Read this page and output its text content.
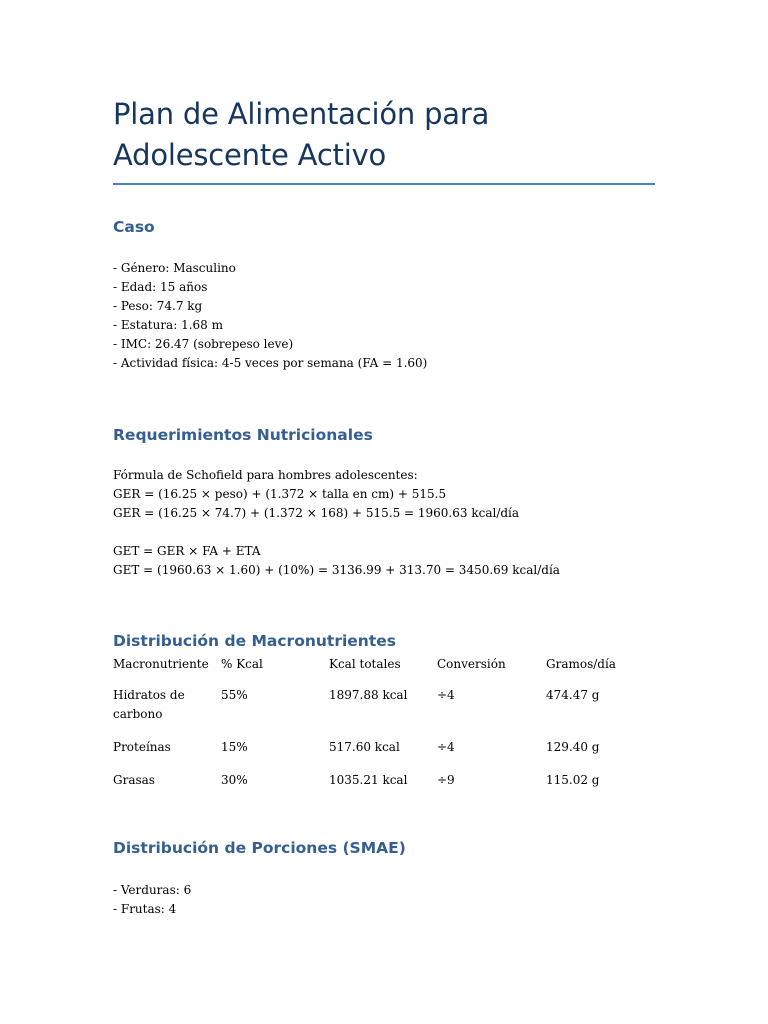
Plan de Alimentación para Adolescente Activo
Caso
- Género: Masculino
- Edad: 15 años
- Peso: 74.7 kg
- Estatura: 1.68 m
- IMC: 26.47 (sobrepeso leve)
- Actividad física: 4-5 veces por semana (FA = 1.60)
Requerimientos Nutricionales
Fórmula de Schofield para hombres adolescentes:
GER = (16.25 × peso) + (1.372 × talla en cm) + 515.5
GER = (16.25 × 74.7) + (1.372 × 168) + 515.5 = 1960.63 kcal/día
GET = GER × FA + ETA
GET = (1960.63 × 1.60) + (10%) = 3136.99 + 313.70 = 3450.69 kcal/día
Distribución de Macronutrientes
Macronutriente	% Kcal	Kcal totales	Conversión	Gramos/día
Hidratos de carbono	55%	1897.88 kcal	÷4	474.47 g
Proteínas	15%	517.60 kcal	÷4	129.40 g
Grasas	30%	1035.21 kcal	÷9	115.02 g
Distribución de Porciones (SMAE)
- Verduras: 6
- Frutas: 4
